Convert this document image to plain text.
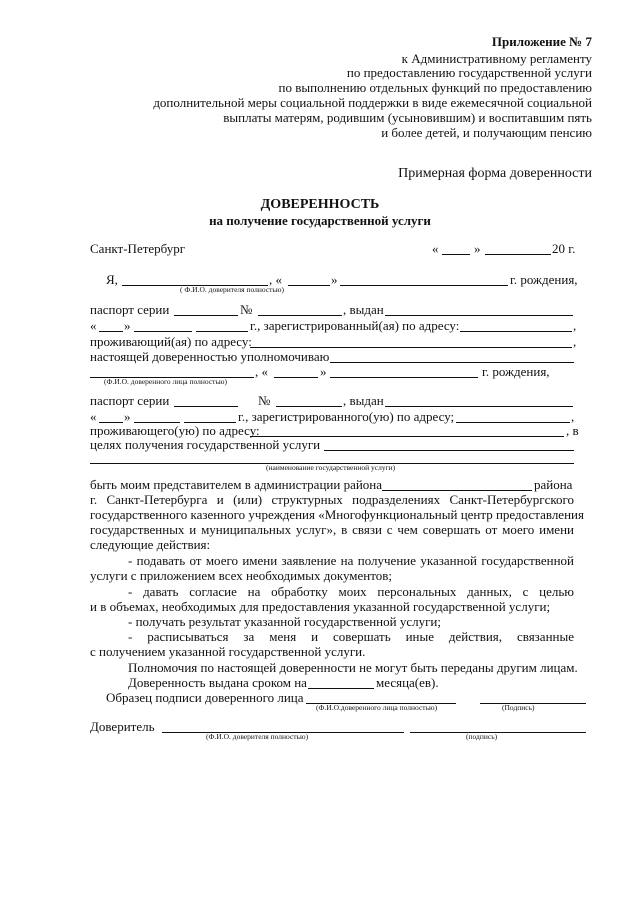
Приложение № 7
к Административному регламенту
по предоставлению государственной услуги
по выполнению отдельных функций по предоставлению
дополнительной меры социальной поддержки в виде ежемесячной социальной
выплаты матерям, родившим (усыновившим) и воспитавшим пять
и более детей, и получающим пенсию
Примерная форма доверенности
ДОВЕРЕННОСТЬ
на получение государственной услуги
Санкт-Петербург	«	»	20 г.
Я,	, «	»	г. рождения,
( Ф.И.О. доверителя полностью)
паспорт серии	№	, выдан
« »	г., зарегистрированный(ая) по адресу:	,
проживающий(ая) по адресу:	,
настоящей доверенностью уполномочиваю
, «	»	г. рождения,
(Ф.И.О. доверенного лица полностью)
паспорт серии	№	, выдан
« »	г., зарегистрированного(ую) по адресу;	,
проживающего(ую) по адресу:	, в
целях получения государственной услуги
(наименование государственной услуги)
быть моим представителем в администрации района	района
г. Санкт-Петербурга и (или) структурных подразделениях Санкт-Петербургского
государственного казенного учреждения «Многофункциональный центр предоставления
государственных и муниципальных услуг», в связи с чем совершать от моего имени
следующие действия:
- подавать от моего имени заявление на получение указанной государственной
услуги с приложением всех необходимых документов;
- давать согласие на обработку моих персональных данных, с целью
и в объемах, необходимых для предоставления указанной государственной услуги;
- получать результат указанной государственной услуги;
- расписываться за меня и совершать иные действия, связанные
с получением указанной государственной услуги.
Полномочия по настоящей доверенности не могут быть переданы другим лицам.
Доверенность выдана сроком на	месяца(ев).
Образец подписи доверенного лица
(Ф.И.О.доверенного лица полностью)	(Подпись)
Доверитель
(Ф.И.О. доверителя полностью)	(подпись)
